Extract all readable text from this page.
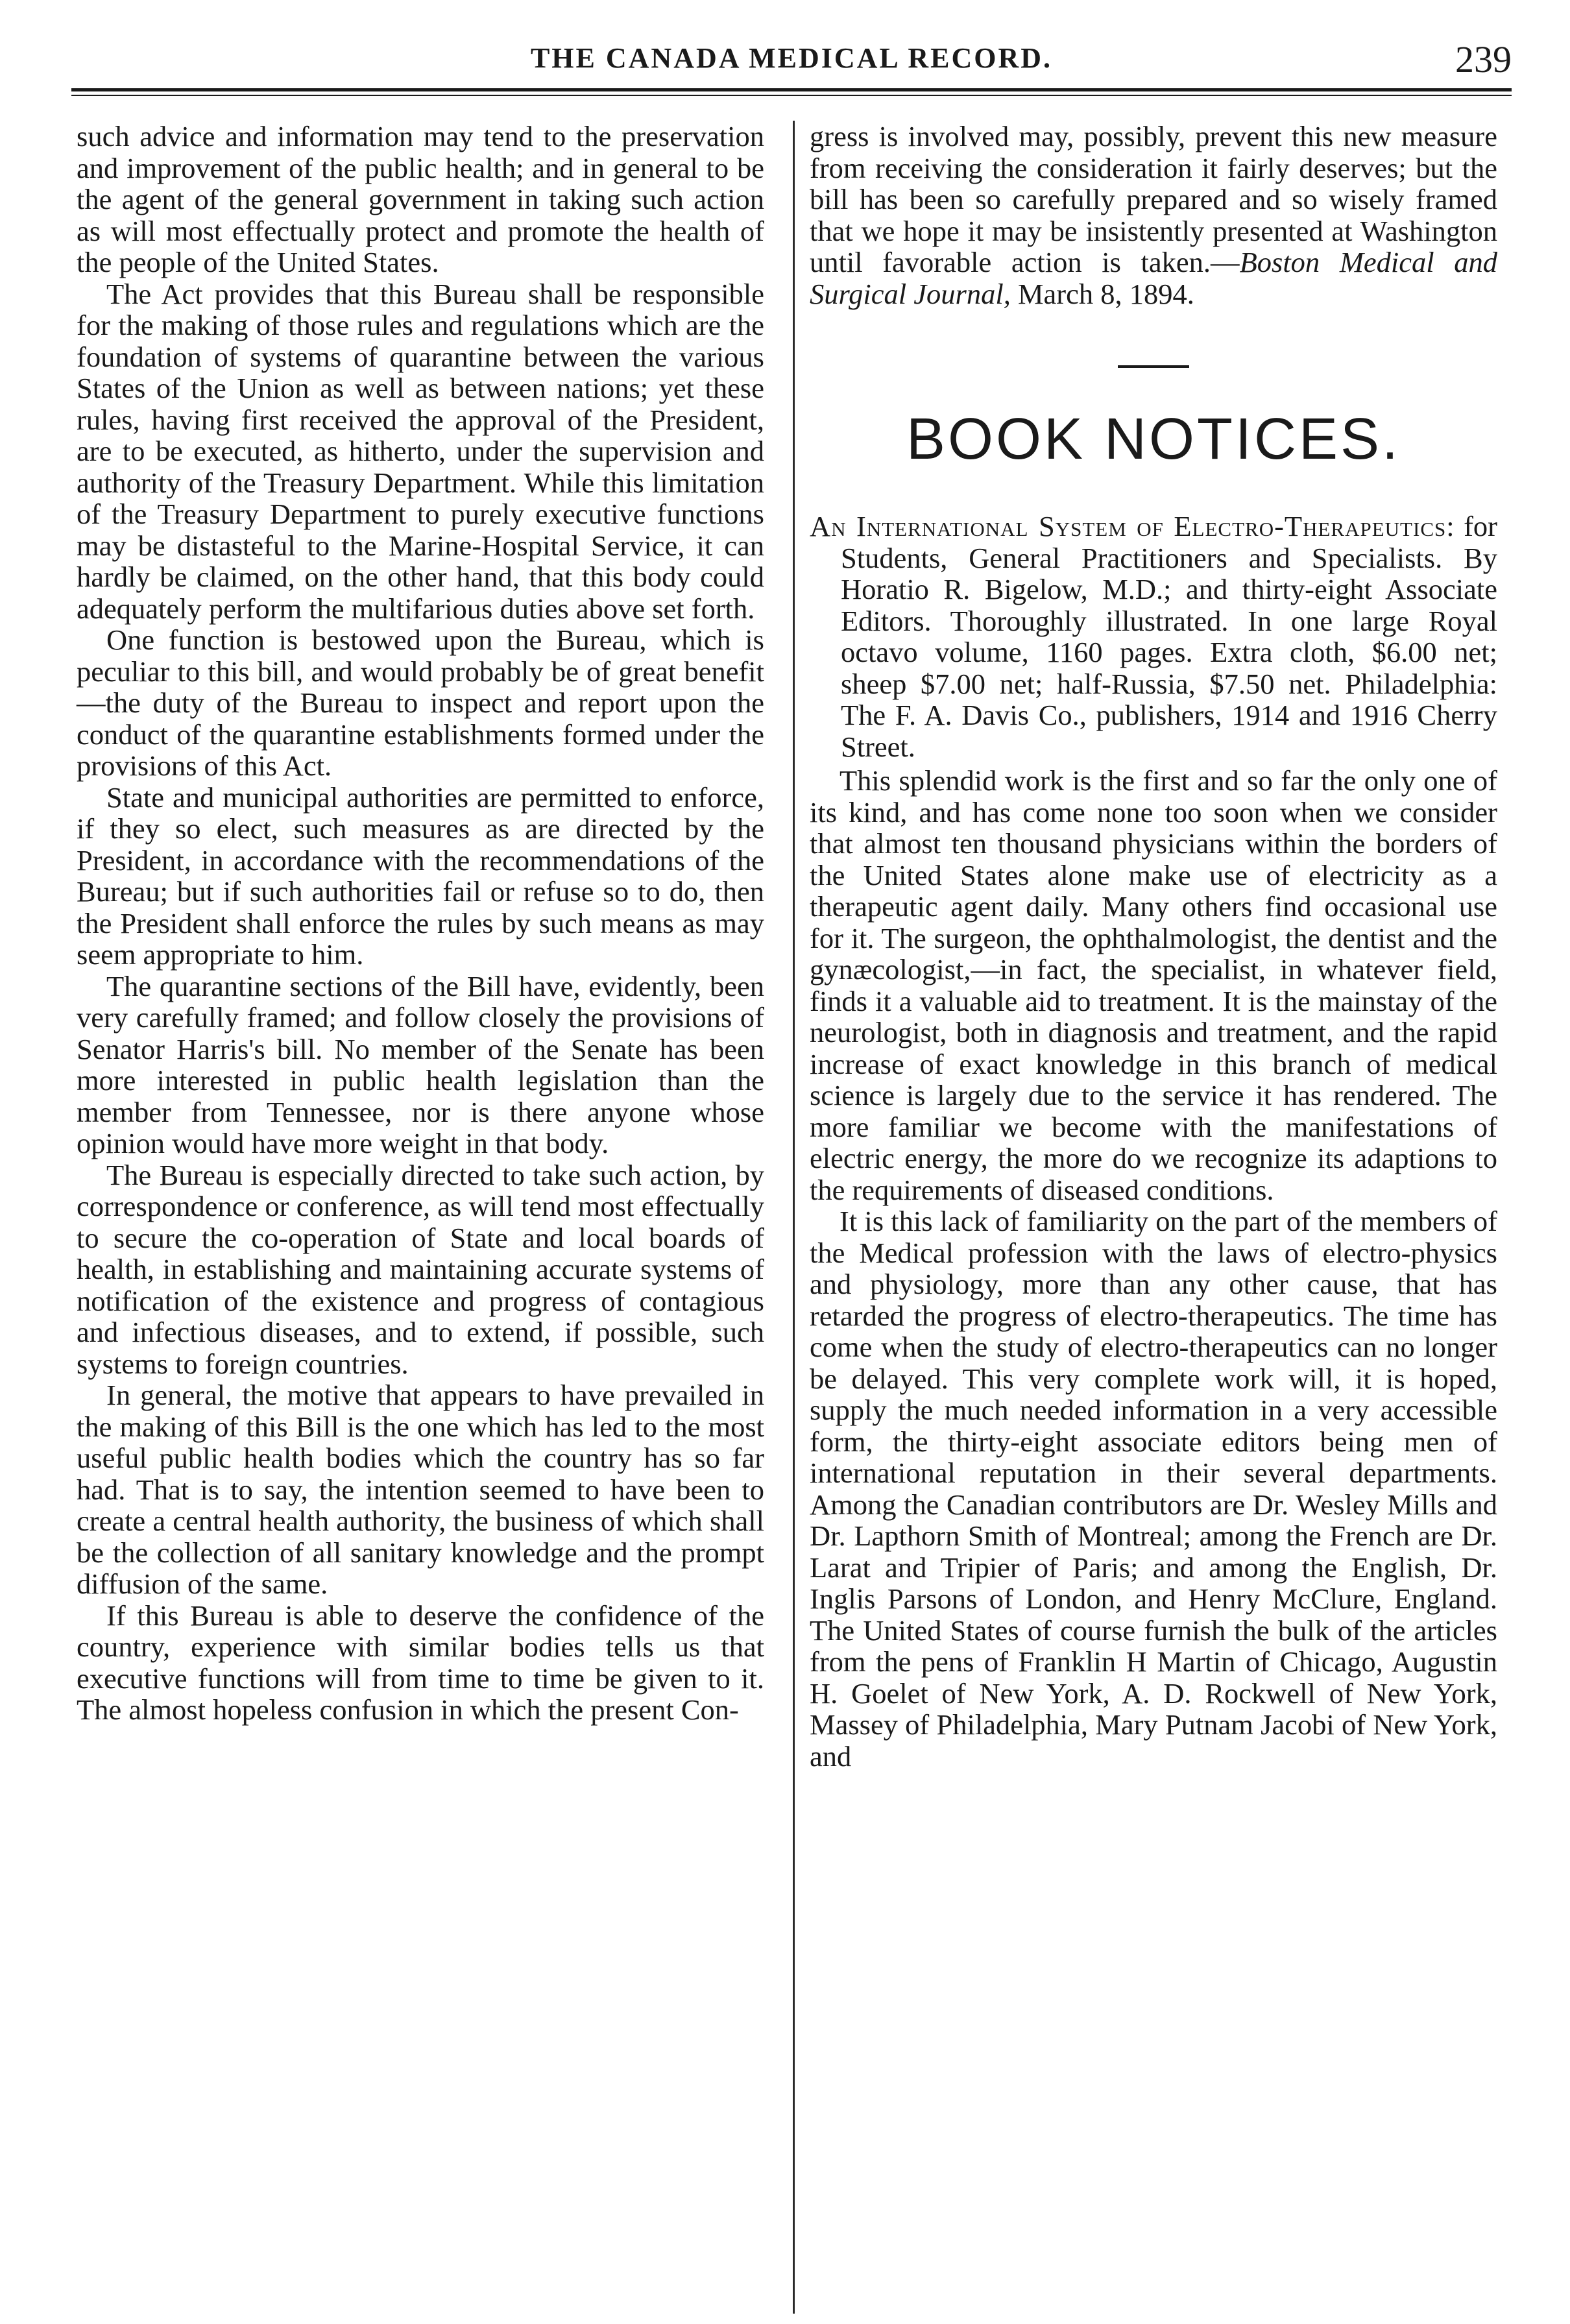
THE CANADA MEDICAL RECORD.	239

such advice and information may tend to the preservation and improvement of the public health; and in general to be the agent of the general government in taking such action as will most effectually protect and promote the health of the people of the United States.

The Act provides that this Bureau shall be responsible for the making of those rules and regulations which are the foundation of systems of quarantine between the various States of the Union as well as between nations; yet these rules, having first received the approval of the President, are to be executed, as hitherto, under the supervision and authority of the Treasury Department. While this limitation of the Treasury Department to purely executive functions may be distasteful to the Marine-Hospital Service, it can hardly be claimed, on the other hand, that this body could adequately perform the multifarious duties above set forth.

One function is bestowed upon the Bureau, which is peculiar to this bill, and would probably be of great benefit—the duty of the Bureau to inspect and report upon the conduct of the quarantine establishments formed under the provisions of this Act.

State and municipal authorities are permitted to enforce, if they so elect, such measures as are directed by the President, in accordance with the recommendations of the Bureau; but if such authorities fail or refuse so to do, then the President shall enforce the rules by such means as may seem appropriate to him.

The quarantine sections of the Bill have, evidently, been very carefully framed; and follow closely the provisions of Senator Harris's bill. No member of the Senate has been more interested in public health legislation than the member from Tennessee, nor is there anyone whose opinion would have more weight in that body.

The Bureau is especially directed to take such action, by correspondence or conference, as will tend most effectually to secure the co-operation of State and local boards of health, in establishing and maintaining accurate systems of notification of the existence and progress of contagious and infectious diseases, and to extend, if possible, such systems to foreign countries.

In general, the motive that appears to have prevailed in the making of this Bill is the one which has led to the most useful public health bodies which the country has so far had. That is to say, the intention seemed to have been to create a central health authority, the business of which shall be the collection of all sanitary knowledge and the prompt diffusion of the same.

If this Bureau is able to deserve the confidence of the country, experience with similar bodies tells us that executive functions will from time to time be given to it. The almost hopeless confusion in which the present Con-

gress is involved may, possibly, prevent this new measure from receiving the consideration it fairly deserves; but the bill has been so carefully prepared and so wisely framed that we hope it may be insistently presented at Washington until favorable action is taken.—Boston Medical and Surgical Journal, March 8, 1894.

BOOK NOTICES.

An International System of Electro-Therapeutics: for Students, General Practitioners and Specialists. By Horatio R. Bigelow, M.D.; and thirty-eight Associate Editors. Thoroughly illustrated. In one large Royal octavo volume, 1160 pages. Extra cloth, $6.00 net; sheep $7.00 net; half-Russia, $7.50 net. Philadelphia: The F. A. Davis Co., publishers, 1914 and 1916 Cherry Street.

This splendid work is the first and so far the only one of its kind, and has come none too soon when we consider that almost ten thousand physicians within the borders of the United States alone make use of electricity as a therapeutic agent daily. Many others find occasional use for it. The surgeon, the ophthalmologist, the dentist and the gynæcologist,—in fact, the specialist, in whatever field, finds it a valuable aid to treatment. It is the mainstay of the neurologist, both in diagnosis and treatment, and the rapid increase of exact knowledge in this branch of medical science is largely due to the service it has rendered. The more familiar we become with the manifestations of electric energy, the more do we recognize its adaptions to the requirements of diseased conditions.

It is this lack of familiarity on the part of the members of the Medical profession with the laws of electro-physics and physiology, more than any other cause, that has retarded the progress of electro-therapeutics. The time has come when the study of electro-therapeutics can no longer be delayed. This very complete work will, it is hoped, supply the much needed information in a very accessible form, the thirty-eight associate editors being men of international reputation in their several departments. Among the Canadian contributors are Dr. Wesley Mills and Dr. Lapthorn Smith of Montreal; among the French are Dr. Larat and Tripier of Paris; and among the English, Dr. Inglis Parsons of London, and Henry McClure, England. The United States of course furnish the bulk of the articles from the pens of Franklin H Martin of Chicago, Augustin H. Goelet of New York, A. D. Rockwell of New York, Massey of Philadelphia, Mary Putnam Jacobi of New York, and
